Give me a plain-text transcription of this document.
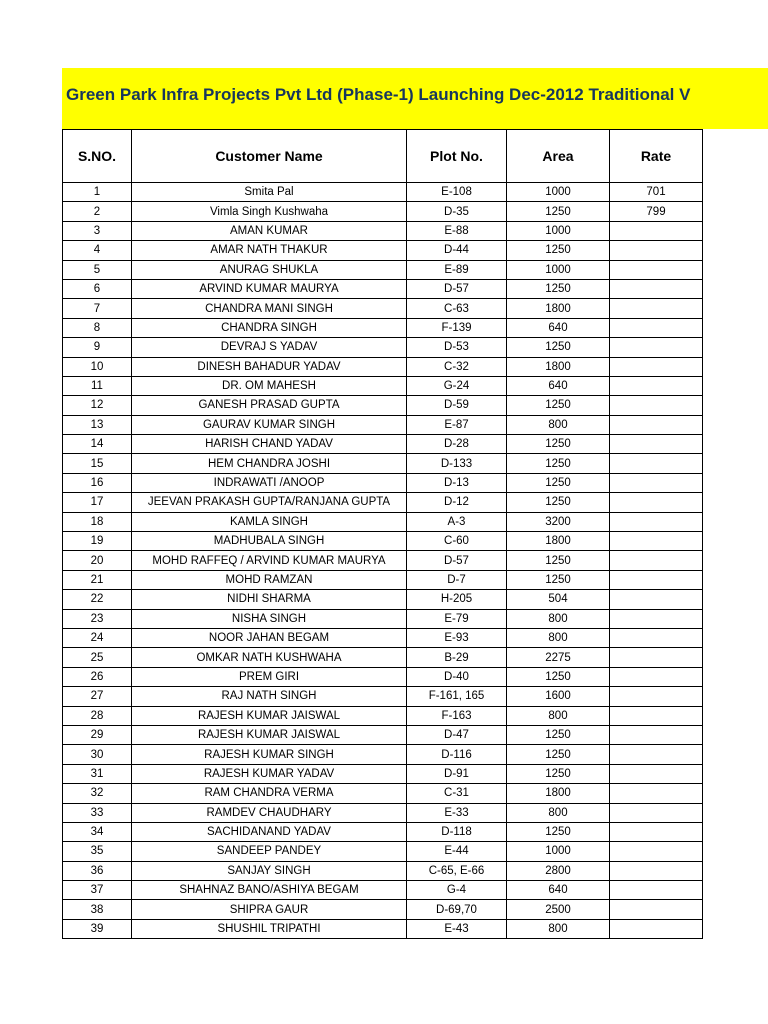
Green Park Infra Projects Pvt Ltd (Phase-1) Launching Dec-2012 Traditional V
S.NO.	Customer Name	Plot No.	Area	Rate
1	Smita Pal	E-108	1000	701
2	Vimla Singh Kushwaha	D-35	1250	799
3	AMAN KUMAR	E-88	1000	
4	AMAR NATH THAKUR	D-44	1250	
5	ANURAG SHUKLA	E-89	1000	
6	ARVIND KUMAR MAURYA	D-57	1250	
7	CHANDRA MANI SINGH	C-63	1800	
8	CHANDRA SINGH	F-139	640	
9	DEVRAJ S YADAV	D-53	1250	
10	DINESH BAHADUR YADAV	C-32	1800	
11	DR. OM MAHESH	G-24	640	
12	GANESH PRASAD GUPTA	D-59	1250	
13	GAURAV KUMAR SINGH	E-87	800	
14	HARISH CHAND YADAV	D-28	1250	
15	HEM CHANDRA JOSHI	D-133	1250	
16	INDRAWATI /ANOOP	D-13	1250	
17	JEEVAN PRAKASH GUPTA/RANJANA GUPTA	D-12	1250	
18	KAMLA SINGH	A-3	3200	
19	MADHUBALA SINGH	C-60	1800	
20	MOHD RAFFEQ / ARVIND KUMAR MAURYA	D-57	1250	
21	MOHD RAMZAN	D-7	1250	
22	NIDHI SHARMA	H-205	504	
23	NISHA SINGH	E-79	800	
24	NOOR JAHAN BEGAM	E-93	800	
25	OMKAR NATH KUSHWAHA	B-29	2275	
26	PREM GIRI	D-40	1250	
27	RAJ NATH SINGH	F-161, 165	1600	
28	RAJESH KUMAR JAISWAL	F-163	800	
29	RAJESH KUMAR JAISWAL	D-47	1250	
30	RAJESH KUMAR SINGH	D-116	1250	
31	RAJESH KUMAR YADAV	D-91	1250	
32	RAM CHANDRA VERMA	C-31	1800	
33	RAMDEV CHAUDHARY	E-33	800	
34	SACHIDANAND YADAV	D-118	1250	
35	SANDEEP PANDEY	E-44	1000	
36	SANJAY SINGH	C-65, E-66	2800	
37	SHAHNAZ BANO/ASHIYA BEGAM	G-4	640	
38	SHIPRA GAUR	D-69,70	2500	
39	SHUSHIL TRIPATHI	E-43	800	
